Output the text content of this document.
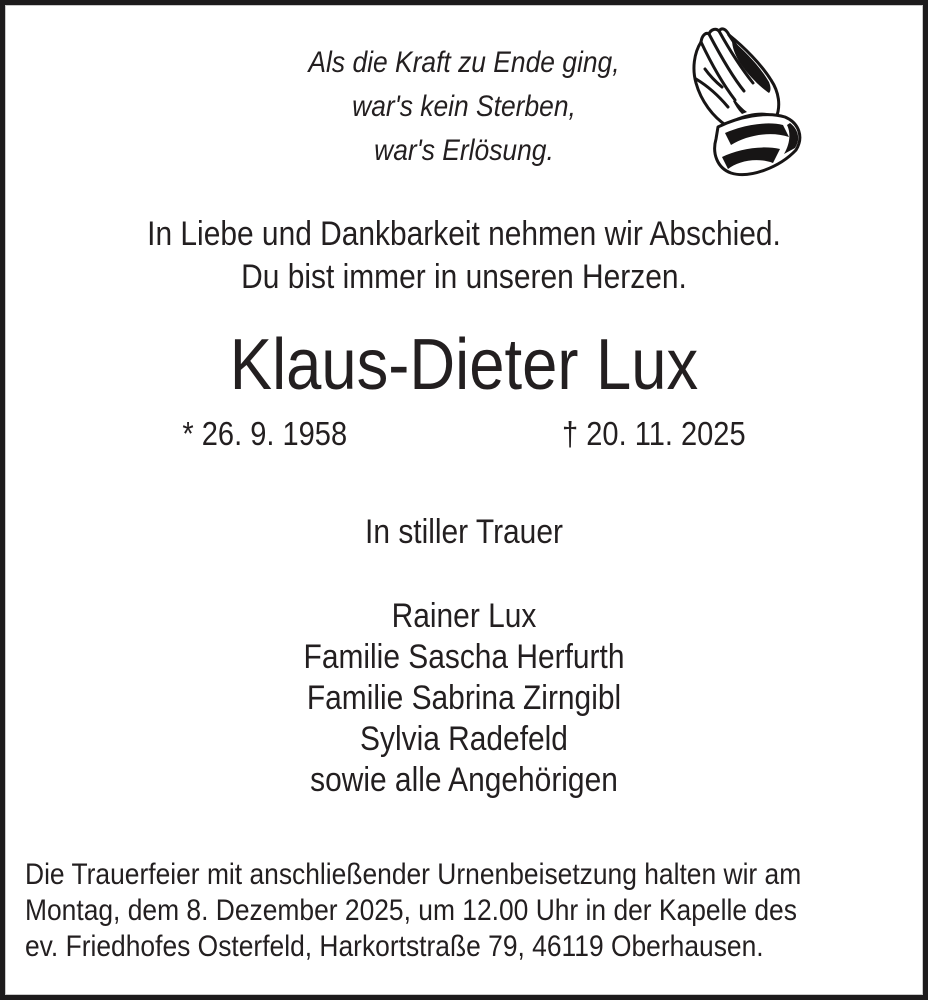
Als die Kraft zu Ende ging,
war's kein Sterben,
war's Erlösung.
In Liebe und Dankbarkeit nehmen wir Abschied.
Du bist immer in unseren Herzen.
Klaus-Dieter Lux
* 26. 9. 1958	† 20. 11. 2025
In stiller Trauer
Rainer Lux
Familie Sascha Herfurth
Familie Sabrina Zirngibl
Sylvia Radefeld
sowie alle Angehörigen
Die Trauerfeier mit anschließender Urnenbeisetzung halten wir am
Montag, dem 8. Dezember 2025, um 12.00 Uhr in der Kapelle des
ev. Friedhofes Osterfeld, Harkortstraße 79, 46119 Oberhausen.
